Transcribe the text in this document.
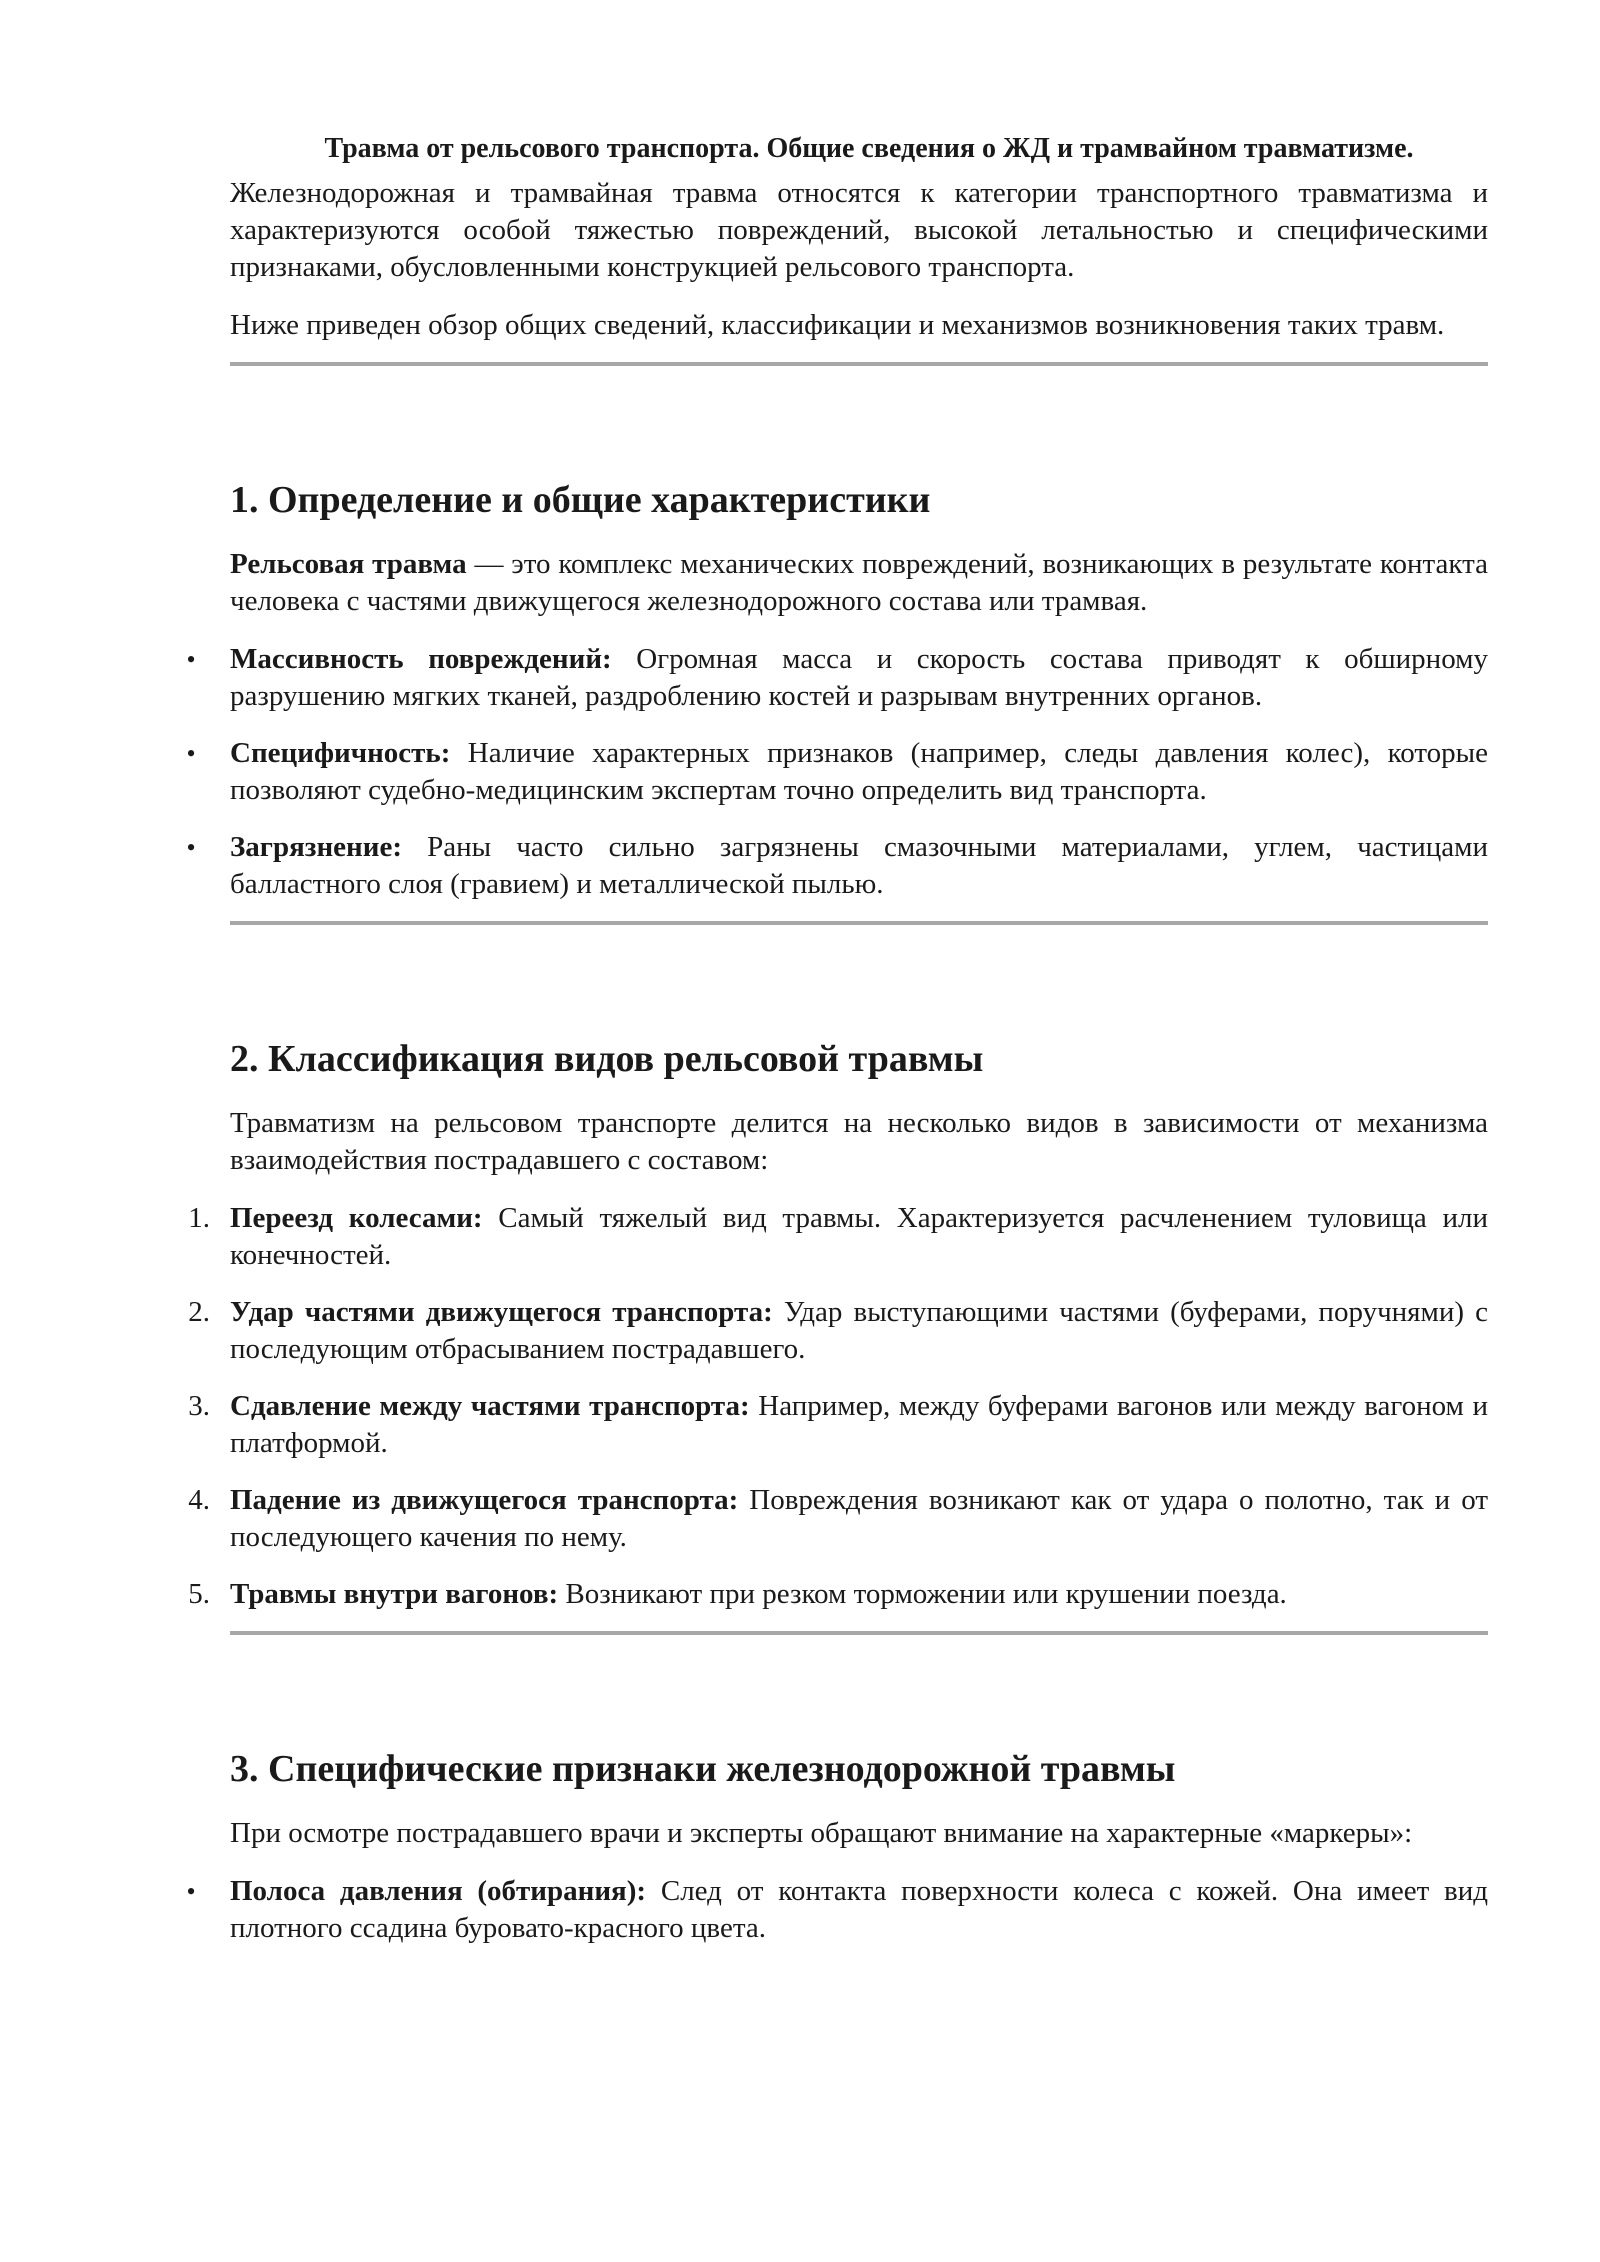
Травма от рельсового транспорта. Общие сведения о ЖД и трамвайном травматизме.

Железнодорожная и трамвайная травма относятся к категории транспортного травматизма и характеризуются особой тяжестью повреждений, высокой летальностью и специфическими признаками, обусловленными конструкцией рельсового транспорта.

Ниже приведен обзор общих сведений, классификации и механизмов возникновения таких травм.

1. Определение и общие характеристики

Рельсовая травма — это комплекс механических повреждений, возникающих в результате контакта человека с частями движущегося железнодорожного состава или трамвая.

•	Массивность повреждений: Огромная масса и скорость состава приводят к обширному разрушению мягких тканей, раздроблению костей и разрывам внутренних органов.
•	Специфичность: Наличие характерных признаков (например, следы давления колес), которые позволяют судебно-медицинским экспертам точно определить вид транспорта.
•	Загрязнение: Раны часто сильно загрязнены смазочными материалами, углем, частицами балластного слоя (гравием) и металлической пылью.
2. Классификация видов рельсовой травмы

Травматизм на рельсовом транспорте делится на несколько видов в зависимости от механизма взаимодействия пострадавшего с составом:

1. Переезд колесами: Самый тяжелый вид травмы. Характеризуется расчленением туловища или конечностей.
2. Удар частями движущегося транспорта: Удар выступающими частями (буферами, поручнями) с последующим отбрасыванием пострадавшего.
3. Сдавление между частями транспорта: Например, между буферами вагонов или между вагоном и платформой.
4. Падение из движущегося транспорта: Повреждения возникают как от удара о полотно, так и от последующего качения по нему.
5. Травмы внутри вагонов: Возникают при резком торможении или крушении поезда.
3. Специфические признаки железнодорожной травмы

При осмотре пострадавшего врачи и эксперты обращают внимание на характерные «маркеры»:

•	Полоса давления (обтирания): След от контакта поверхности колеса с кожей. Она имеет вид плотного ссадина буровато-красного цвета.
